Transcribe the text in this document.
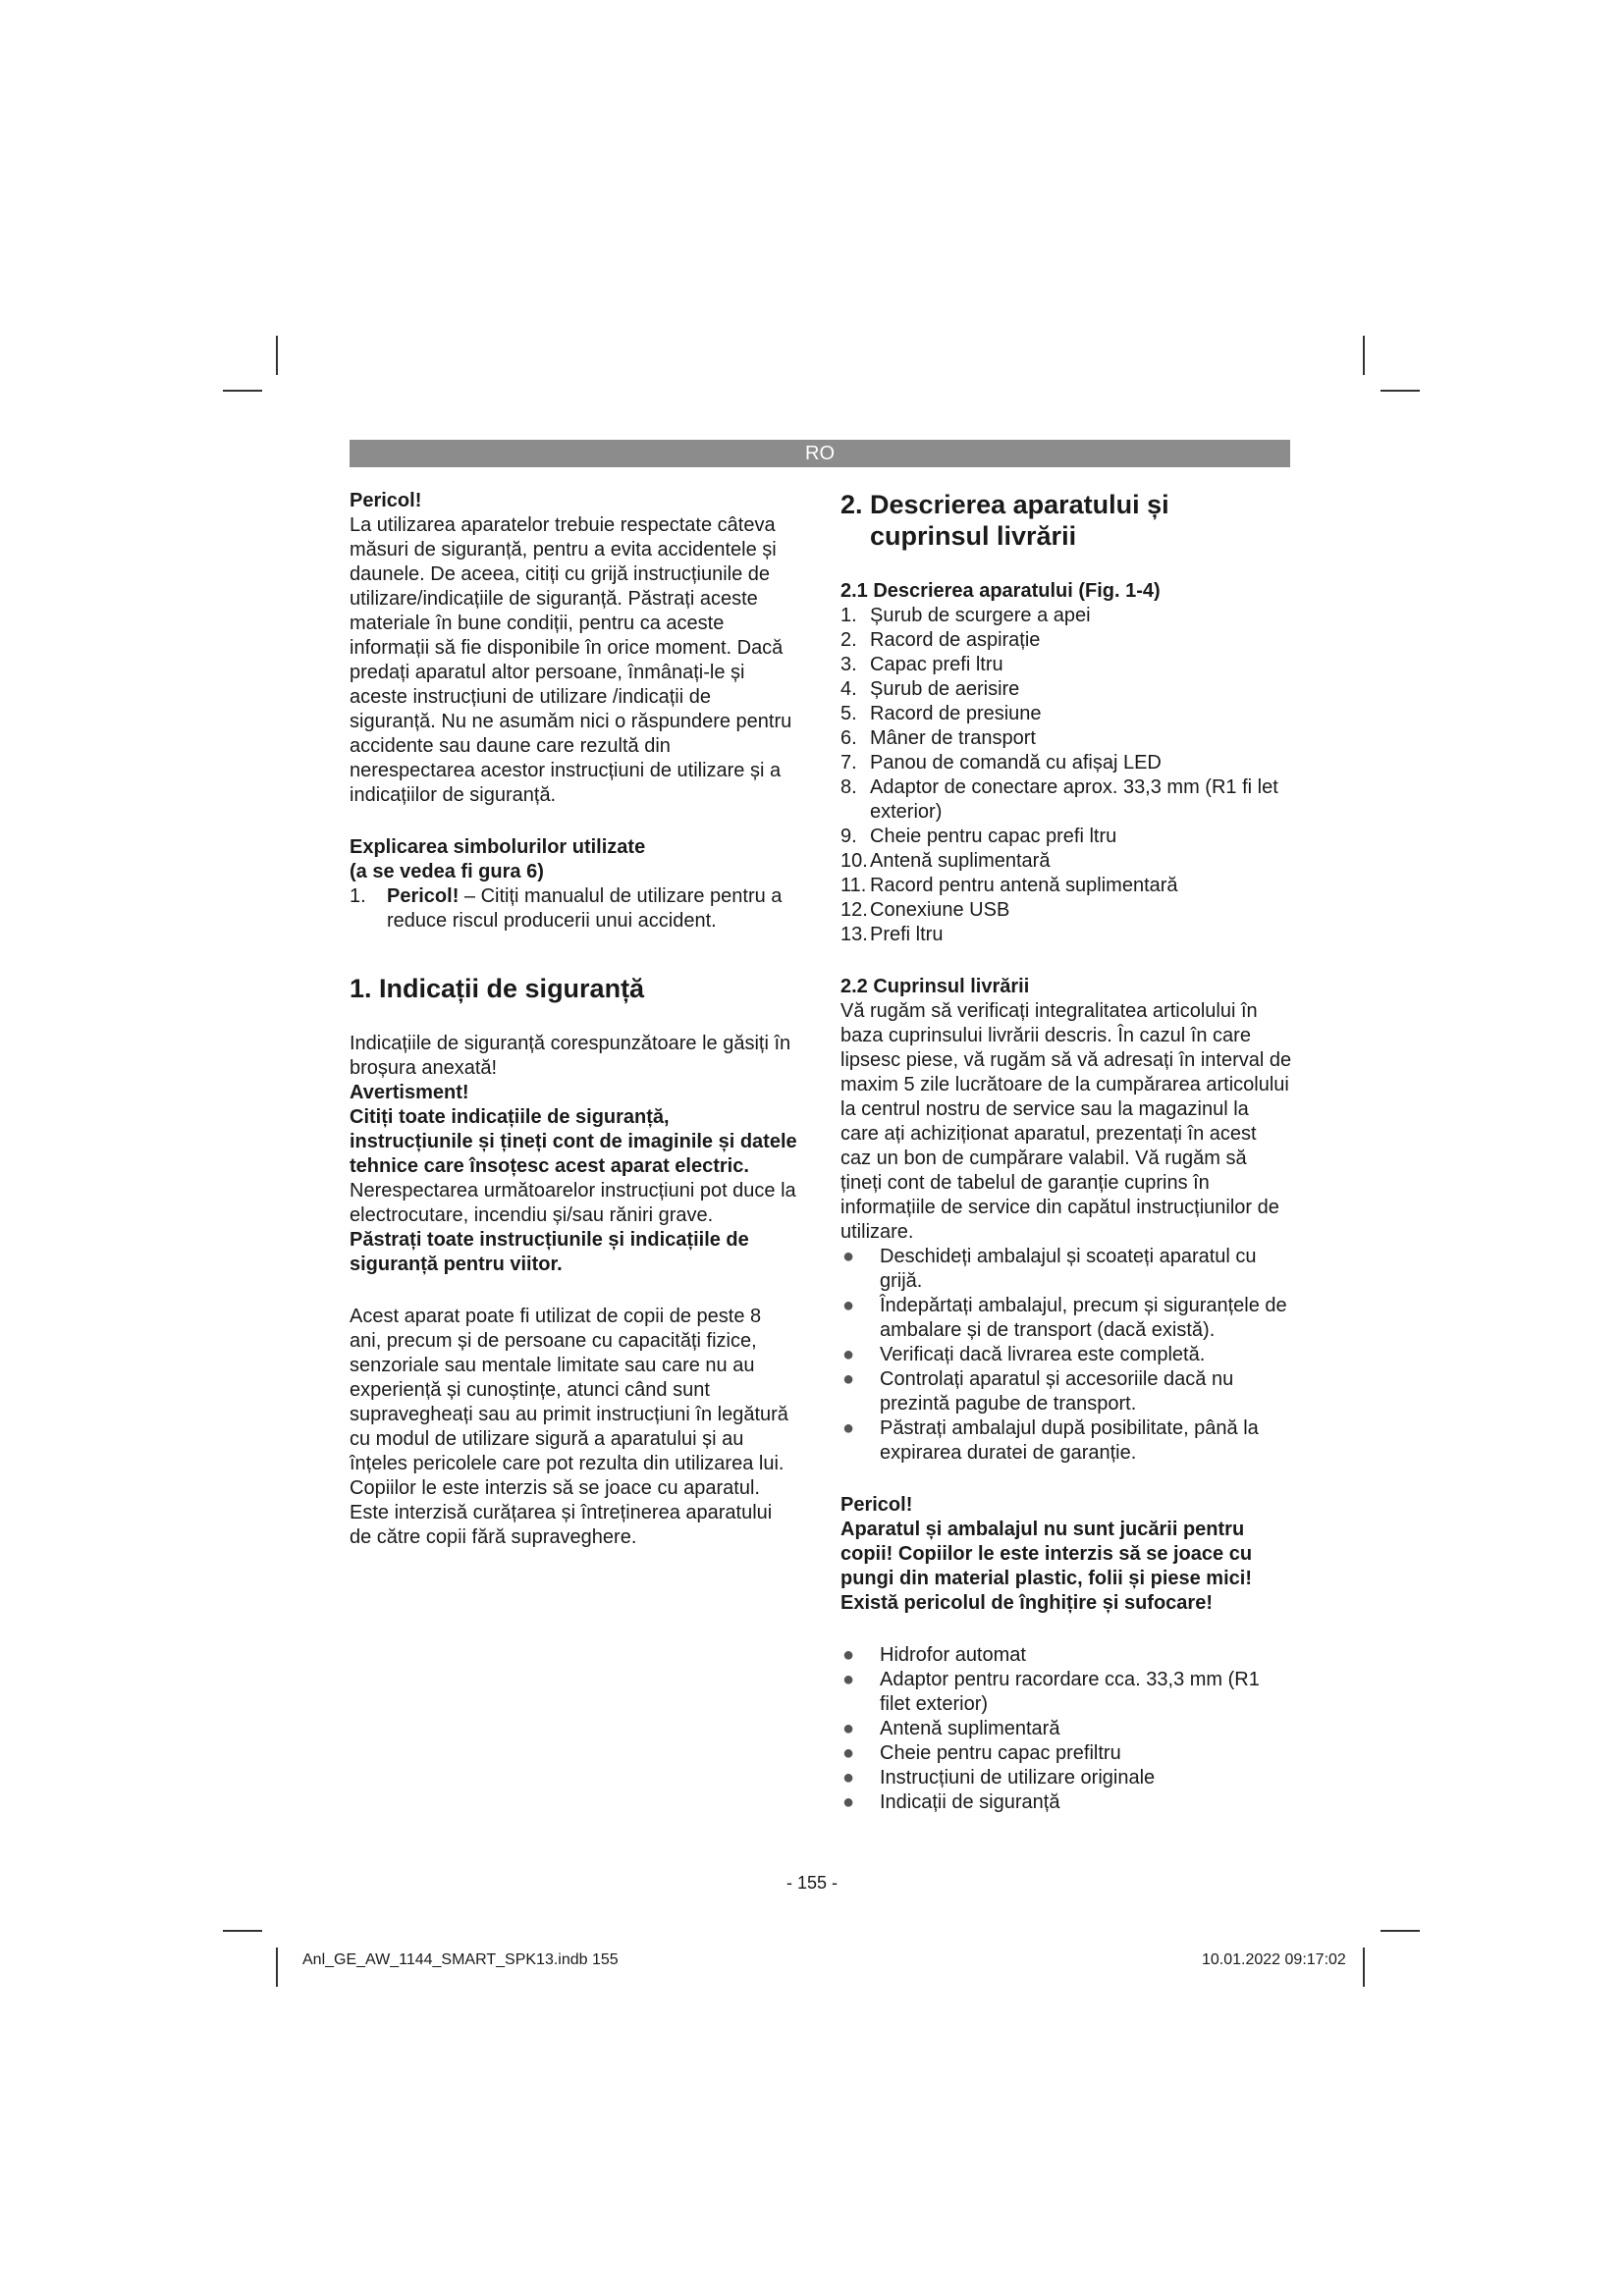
RO

Pericol!

La utilizarea aparatelor trebuie respectate câteva măsuri de siguranță, pentru a evita accidentele și daunele. De aceea, citiți cu grijă instrucțiunile de utilizare/indicațiile de siguranță. Păstrați aceste materiale în bune condiții, pentru ca aceste informații să fie disponibile în orice moment. Dacă predați aparatul altor persoane, înmânați-le și aceste instrucțiuni de utilizare /indicații de siguranță. Nu ne asumăm nici o răspundere pentru accidente sau daune care rezultă din nerespectarea acestor instrucțiuni de utilizare și a indicațiilor de siguranță.

Explicarea simbolurilor utilizate

(a se vedea fi gura 6)

1.	Pericol! – Citiți manualul de utilizare pentru a reduce riscul producerii unui accident.

1. Indicații de siguranță

Indicațiile de siguranță corespunzătoare le găsiți în broșura anexată!

Avertisment!

Citiți toate indicațiile de siguranță, instrucțiunile și țineți cont de imaginile și datele tehnice care însoțesc acest aparat electric. Nerespectarea următoarelor instrucțiuni pot duce la electrocutare, incendiu și/sau răniri grave.

Păstrați toate instrucțiunile și indicațiile de siguranță pentru viitor.

Acest aparat poate fi utilizat de copii de peste 8 ani, precum și de persoane cu capacități fizice, senzoriale sau mentale limitate sau care nu au experiență și cunoștințe, atunci când sunt supravegheați sau au primit instrucțiuni în legătură cu modul de utilizare sigură a aparatului și au înțeles pericolele care pot rezulta din utilizarea lui. Copiilor le este interzis să se joace cu aparatul. Este interzisă curățarea și întreținerea aparatului de către copii fără supraveghere.

2. Descrierea aparatului și cuprinsul livrării

2.1 Descrierea aparatului (Fig. 1-4)

1. Șurub de scurgere a apei
2. Racord de aspirație
3. Capac prefi ltru
4. Șurub de aerisire
5. Racord de presiune
6. Mâner de transport
7. Panou de comandă cu afișaj LED
8. Adaptor de conectare aprox. 33,3 mm (R1 fi let exterior)
9. Cheie pentru capac prefi ltru
10. Antenă suplimentară
11. Racord pentru antenă suplimentară
12. Conexiune USB
13. Prefi ltru

2.2 Cuprinsul livrării

Vă rugăm să verificați integralitatea articolului în baza cuprinsului livrării descris. În cazul în care lipsesc piese, vă rugăm să vă adresați în interval de maxim 5 zile lucrătoare de la cumpărarea articolului la centrul nostru de service sau la magazinul la care ați achiziționat aparatul, prezentați în acest caz un bon de cumpărare valabil. Vă rugăm să țineți cont de tabelul de garanție cuprins în informațiile de service din capătul instrucțiunilor de utilizare.

●	Deschideți ambalajul și scoateți aparatul cu grijă.
●	Îndepărtați ambalajul, precum și siguranțele de ambalare și de transport (dacă există).
●	Verificați dacă livrarea este completă.
●	Controlați aparatul și accesoriile dacă nu prezintă pagube de transport.
●	Păstrați ambalajul după posibilitate, până la expirarea duratei de garanție.

Pericol!

Aparatul și ambalajul nu sunt jucării pentru copii! Copiilor le este interzis să se joace cu pungi din material plastic, folii și piese mici! Există pericolul de înghițire și sufocare!

●	Hidrofor automat
●	Adaptor pentru racordare cca. 33,3 mm (R1 filet exterior)
●	Antenă suplimentară
●	Cheie pentru capac prefiltru
●	Instrucțiuni de utilizare originale
●	Indicații de siguranță
- 155 -
Anl_GE_AW_1144_SMART_SPK13.indb 155	10.01.2022 09:17:02
